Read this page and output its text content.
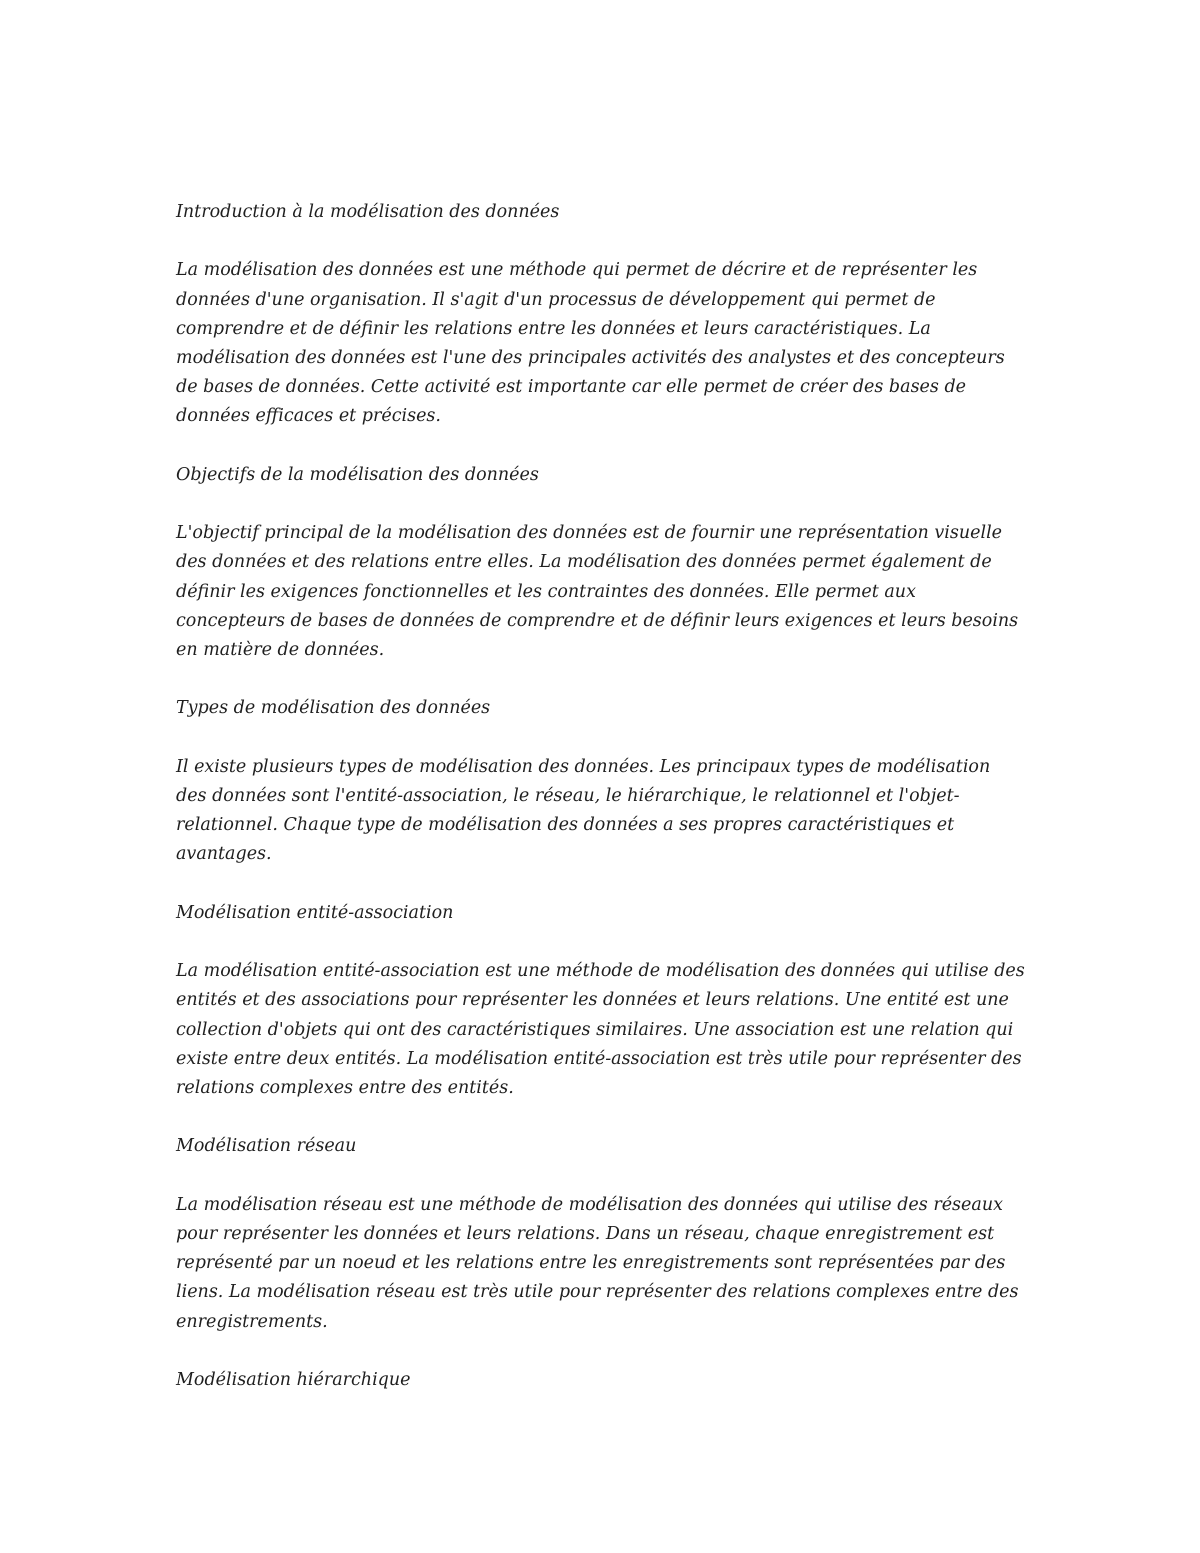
Introduction à la modélisation des données

La modélisation des données est une méthode qui permet de décrire et de représenter les données d'une organisation. Il s'agit d'un processus de développement qui permet de comprendre et de définir les relations entre les données et leurs caractéristiques. La modélisation des données est l'une des principales activités des analystes et des concepteurs de bases de données. Cette activité est importante car elle permet de créer des bases de données efficaces et précises.

Objectifs de la modélisation des données

L'objectif principal de la modélisation des données est de fournir une représentation visuelle des données et des relations entre elles. La modélisation des données permet également de définir les exigences fonctionnelles et les contraintes des données. Elle permet aux concepteurs de bases de données de comprendre et de définir leurs exigences et leurs besoins en matière de données.

Types de modélisation des données

Il existe plusieurs types de modélisation des données. Les principaux types de modélisation des données sont l'entité-association, le réseau, le hiérarchique, le relationnel et l'objet-relationnel. Chaque type de modélisation des données a ses propres caractéristiques et avantages.

Modélisation entité-association

La modélisation entité-association est une méthode de modélisation des données qui utilise des entités et des associations pour représenter les données et leurs relations. Une entité est une collection d'objets qui ont des caractéristiques similaires. Une association est une relation qui existe entre deux entités. La modélisation entité-association est très utile pour représenter des relations complexes entre des entités.

Modélisation réseau

La modélisation réseau est une méthode de modélisation des données qui utilise des réseaux pour représenter les données et leurs relations. Dans un réseau, chaque enregistrement est représenté par un noeud et les relations entre les enregistrements sont représentées par des liens. La modélisation réseau est très utile pour représenter des relations complexes entre des enregistrements.

Modélisation hiérarchique
